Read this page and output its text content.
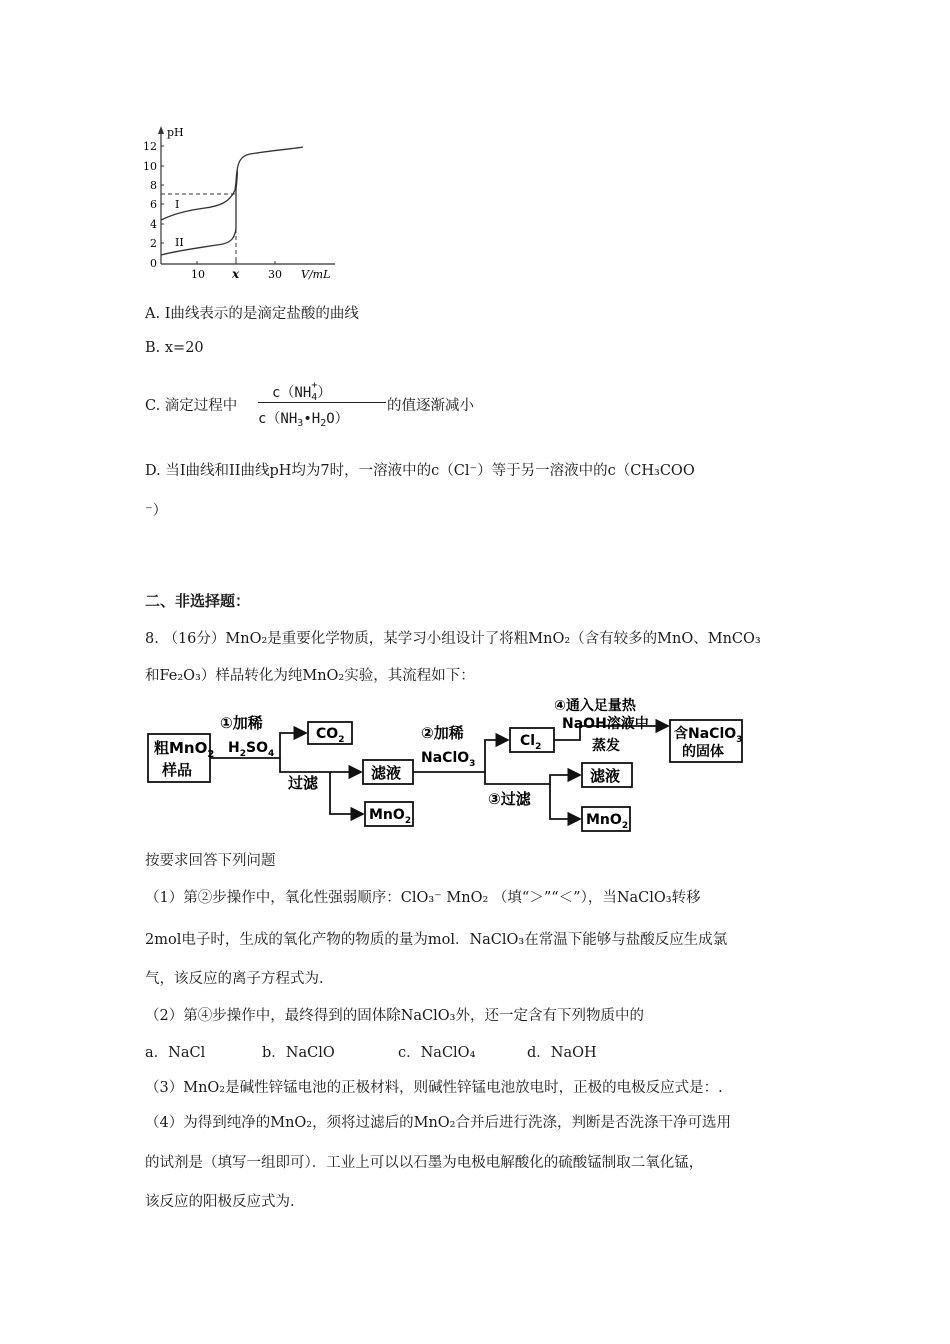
pH
12
10
8
6
4
2
0
10 x	30 V/mL
I
II
A. I曲线表示的是滴定盐酸的曲线
B. x=20
C. 滴定过程中
$c(NH_4^+)$
$c(NH_3•H_2O)$
的值逐渐减小
D. 当I曲线和II曲线pH均为7时，一溶液中的c（Cl⁻）等于另一溶液中的c（CH₃COO
⁻）
二、非选择题：
8. （16分）MnO₂是重要化学物质，某学习小组设计了将粗MnO₂（含有较多的MnO、MnCO₃
和Fe₂O₃）样品转化为纯MnO₂实验，其流程如下：
粗MnO$_2$
样品
①加稀
$H_2SO_4$
$CO_2$
过滤
滤液
MnO$_2$
②加稀
NaClO$_3$
$Cl_2$
④通入足量热
NaOH溶液中
蒸发
含NaClO$_3$
的固体
③过滤
滤液
MnO$_2$
按要求回答下列问题
（1）第②步操作中，氧化性强弱顺序：ClO₃⁻ MnO₂ （填“＞”“＜”），当NaClO₃转移
2mol电子时，生成的氧化产物的物质的量为mol．NaClO₃在常温下能够与盐酸反应生成氯
气，该反应的离子方程式为.
（2）第④步操作中，最终得到的固体除NaClO₃外，还一定含有下列物质中的
a．NaCl	b．NaClO	c．NaClO₄	d．NaOH
（3）MnO₂是碱性锌锰电池的正极材料，则碱性锌锰电池放电时，正极的电极反应式是：.
（4）为得到纯净的MnO₂，须将过滤后的MnO₂合并后进行洗涤，判断是否洗涤干净可选用
的试剂是（填写一组即可）．工业上可以以石墨为电极电解酸化的硫酸锰制取二氧化锰，
该反应的阳极反应式为.
